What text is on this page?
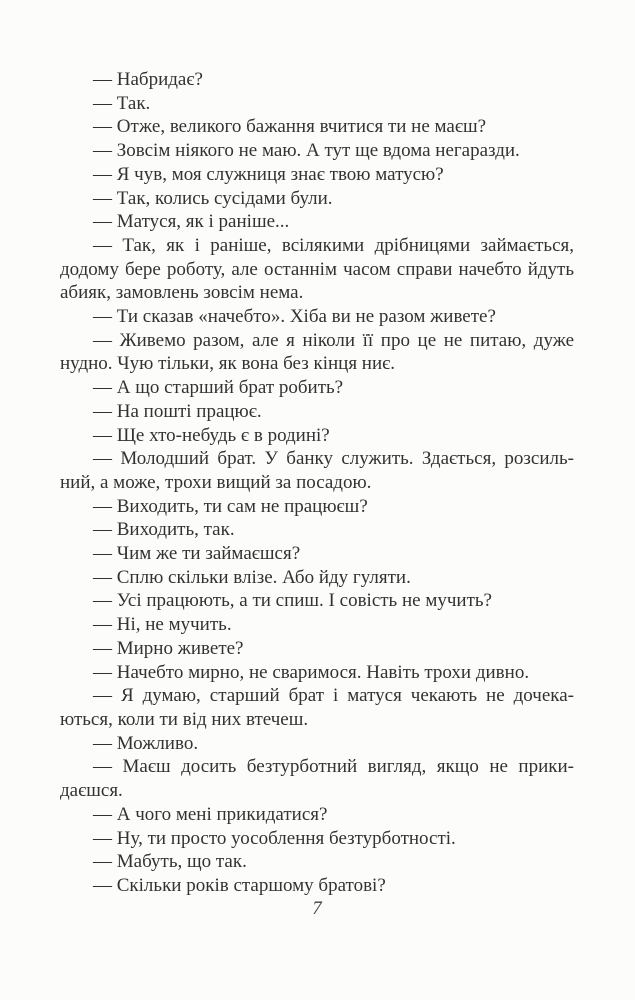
— Набридає?

— Так.

— Отже, великого бажання вчитися ти не маєш?

— Зовсім ніякого не маю. А тут ще вдома негаразди.

— Я чув, моя служниця знає твою матусю?

— Так, колись сусідами були.

— Матуся, як і раніше...

— Так, як і раніше, всілякими дрібницями займається, додому бере роботу, але останнім часом справи начебто йдуть абияк, замовлень зовсім нема.

— Ти сказав «начебто». Хіба ви не разом живете?

— Живемо разом, але я ніколи її про це не питаю, дуже нудно. Чую тільки, як вона без кінця ниє.

— А що старший брат робить?

— На пошті працює.

— Ще хто-небудь є в родині?

— Молодший брат. У банку служить. Здається, розсильний, а може, трохи вищий за посадою.

— Виходить, ти сам не працюєш?

— Виходить, так.

— Чим же ти займаєшся?

— Сплю скільки влізе. Або йду гуляти.

— Усі працюють, а ти спиш. І совість не мучить?

— Ні, не мучить.

— Мирно живете?

— Начебто мирно, не сваримося. Навіть трохи дивно.

— Я думаю, старший брат і матуся чекають не дочекаються, коли ти від них втечеш.

— Можливо.

— Маєш досить безтурботний вигляд, якщо не прикидаєшся.

— А чого мені прикидатися?

— Ну, ти просто уособлення безтурботності.

— Мабуть, що так.

— Скільки років старшому братові?

7
